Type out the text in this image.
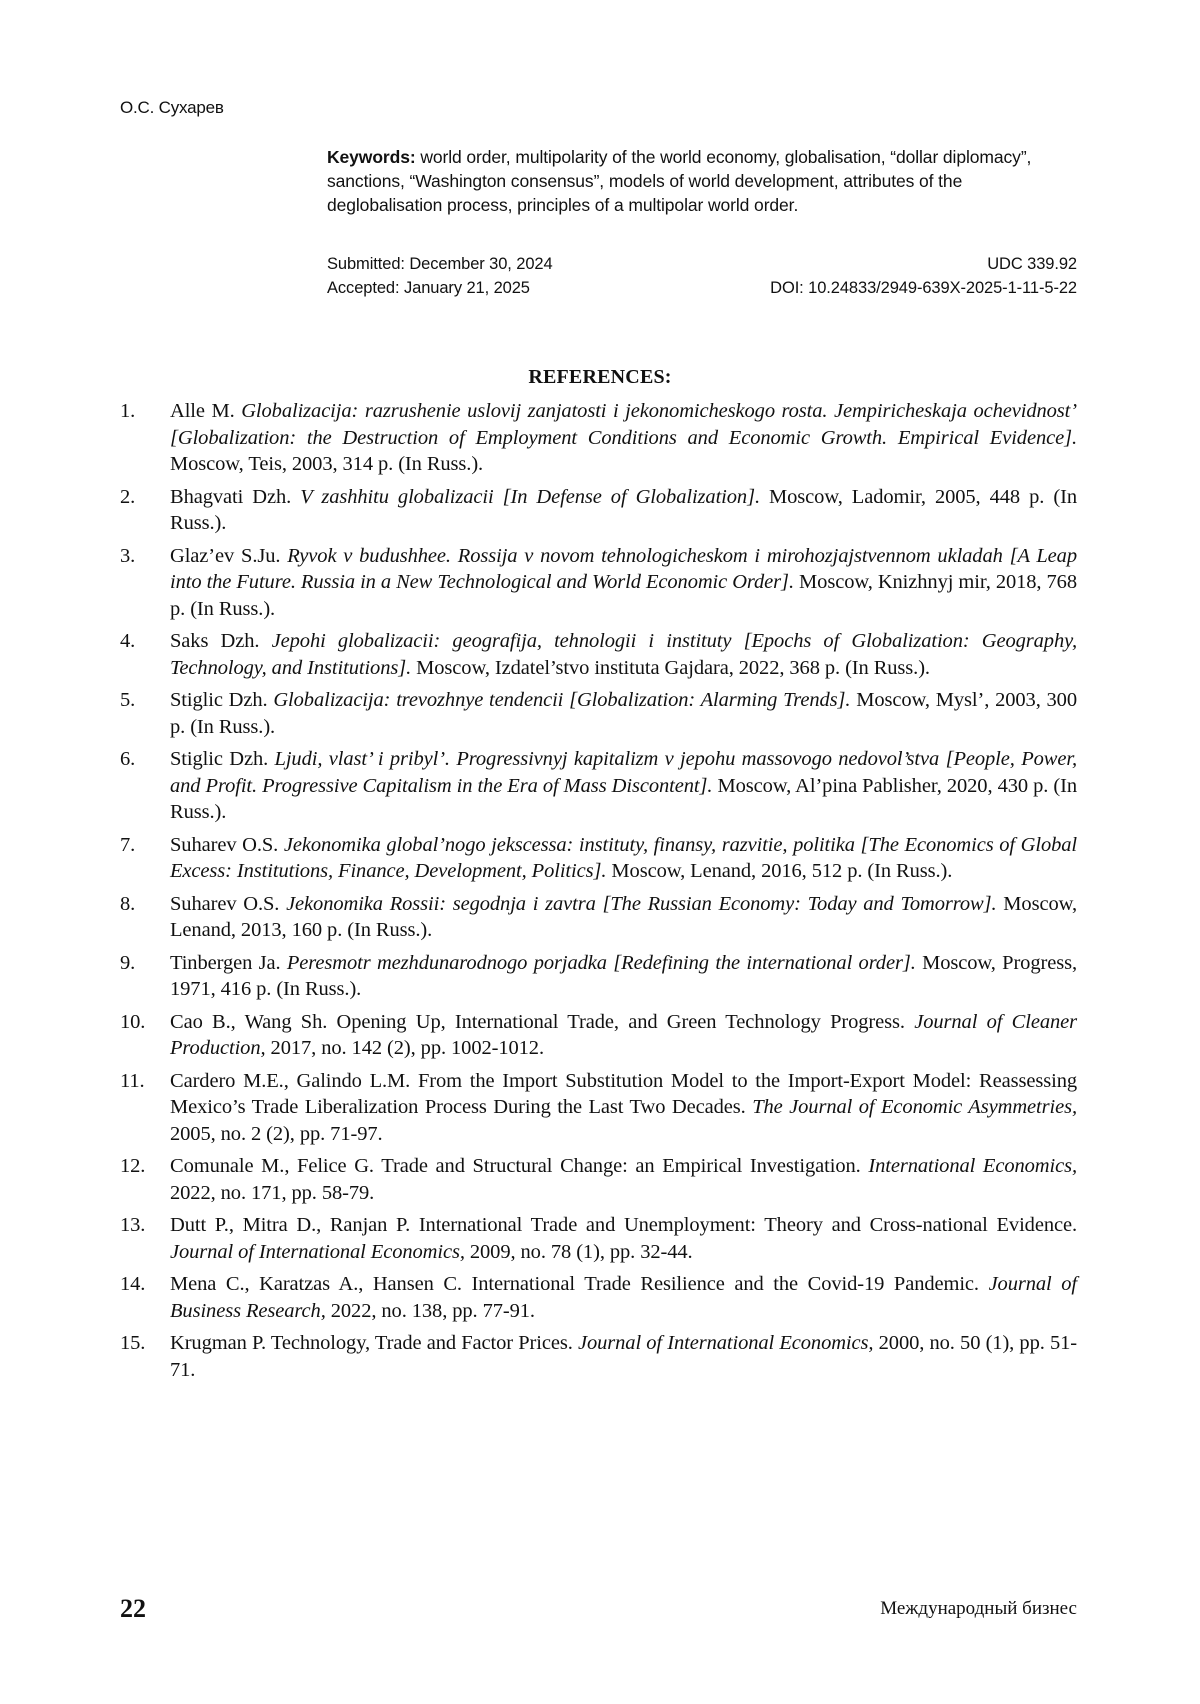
О.С. Сухарев
Keywords: world order, multipolarity of the world economy, globalisation, “dollar diplomacy”, sanctions, “Washington consensus”, models of world development, attributes of the deglobalisation process, principles of a multipolar world order.
Submitted: December 30, 2024	UDC 339.92
Accepted: January 21, 2025	DOI: 10.24833/2949-639X-2025-1-11-5-22
REFERENCES:
1.	Alle M. Globalizacija: razrushenie uslovij zanjatosti i jekonomicheskogo rosta. Jempiricheskaja ochevidnost’ [Globalization: the Destruction of Employment Conditions and Economic Growth. Empirical Evidence]. Moscow, Teis, 2003, 314 p. (In Russ.).
2.	Bhagvati Dzh. V zashhitu globalizacii [In Defense of Globalization]. Moscow, Ladomir, 2005, 448 p. (In Russ.).
3.	Glaz’ev S.Ju. Ryvok v budushhee. Rossija v novom tehnologicheskom i mirohozjajstvennom ukladah [A Leap into the Future. Russia in a New Technological and World Economic Order]. Moscow, Knizhnyj mir, 2018, 768 p. (In Russ.).
4.	Saks Dzh. Jepohi globalizacii: geografija, tehnologii i instituty [Epochs of Globalization: Geography, Technology, and Institutions]. Moscow, Izdatel’stvo instituta Gajdara, 2022, 368 p. (In Russ.).
5.	Stiglic Dzh. Globalizacija: trevozhnye tendencii [Globalization: Alarming Trends]. Moscow, Mysl’, 2003, 300 p. (In Russ.).
6.	Stiglic Dzh. Ljudi, vlast’ i pribyl’. Progressivnyj kapitalizm v jepohu massovogo nedovol’stva [People, Power, and Profit. Progressive Capitalism in the Era of Mass Discontent]. Moscow, Al’pina Pablisher, 2020, 430 p. (In Russ.).
7.	Suharev O.S. Jekonomika global’nogo jekscessa: instituty, finansy, razvitie, politika [The Economics of Global Excess: Institutions, Finance, Development, Politics]. Moscow, Lenand, 2016, 512 p. (In Russ.).
8.	Suharev O.S. Jekonomika Rossii: segodnja i zavtra [The Russian Economy: Today and Tomorrow]. Moscow, Lenand, 2013, 160 p. (In Russ.).
9.	Tinbergen Ja. Peresmotr mezhdunarodnogo porjadka [Redefining the international order]. Moscow, Progress, 1971, 416 p. (In Russ.).
10.	Cao B., Wang Sh. Opening Up, International Trade, and Green Technology Progress. Journal of Cleaner Production, 2017, no. 142 (2), pp. 1002-1012.
11.	Cardero M.E., Galindo L.M. From the Import Substitution Model to the Import-Export Model: Reassessing Mexico’s Trade Liberalization Process During the Last Two Decades. The Journal of Economic Asymmetries, 2005, no. 2 (2), pp. 71-97.
12.	Comunale M., Felice G. Trade and Structural Change: an Empirical Investigation. International Economics, 2022, no. 171, pp. 58-79.
13.	Dutt P., Mitra D., Ranjan P. International Trade and Unemployment: Theory and Cross-national Evidence. Journal of International Economics, 2009, no. 78 (1), pp. 32-44.
14.	Mena C., Karatzas A., Hansen C. International Trade Resilience and the Covid-19 Pandemic. Journal of Business Research, 2022, no. 138, pp. 77-91.
15.	Krugman P. Technology, Trade and Factor Prices. Journal of International Economics, 2000, no. 50 (1), pp. 51-71.
22	Международный бизнес
